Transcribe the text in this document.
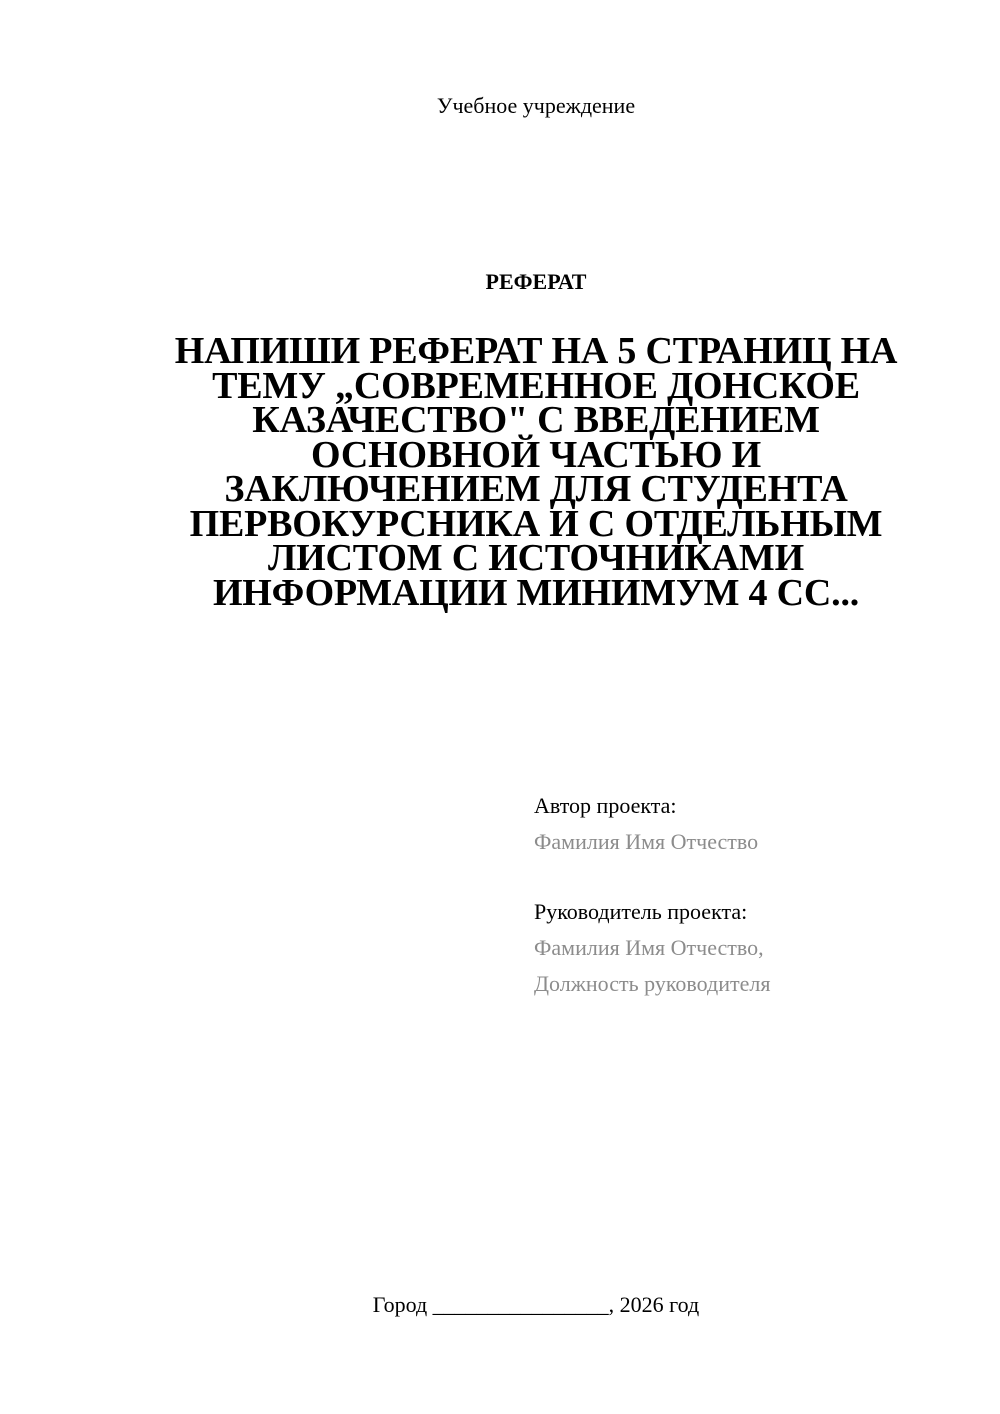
Учебное учреждение
РЕФЕРАТ
НАПИШИ РЕФЕРАТ НА 5 СТРАНИЦ НА
ТЕМУ „СОВРЕМЕННОЕ ДОНСКОЕ
КАЗАЧЕСТВО" С ВВЕДЕНИЕМ
ОСНОВНОЙ ЧАСТЬЮ И
ЗАКЛЮЧЕНИЕМ ДЛЯ СТУДЕНТА
ПЕРВОКУРСНИКА И С ОТДЕЛЬНЫМ
ЛИСТОМ С ИСТОЧНИКАМИ
ИНФОРМАЦИИ МИНИМУМ 4 СС...
Автор проекта:
Фамилия Имя Отчество
Руководитель проекта:
Фамилия Имя Отчество,
Должность руководителя
Город ________________, 2026 год
